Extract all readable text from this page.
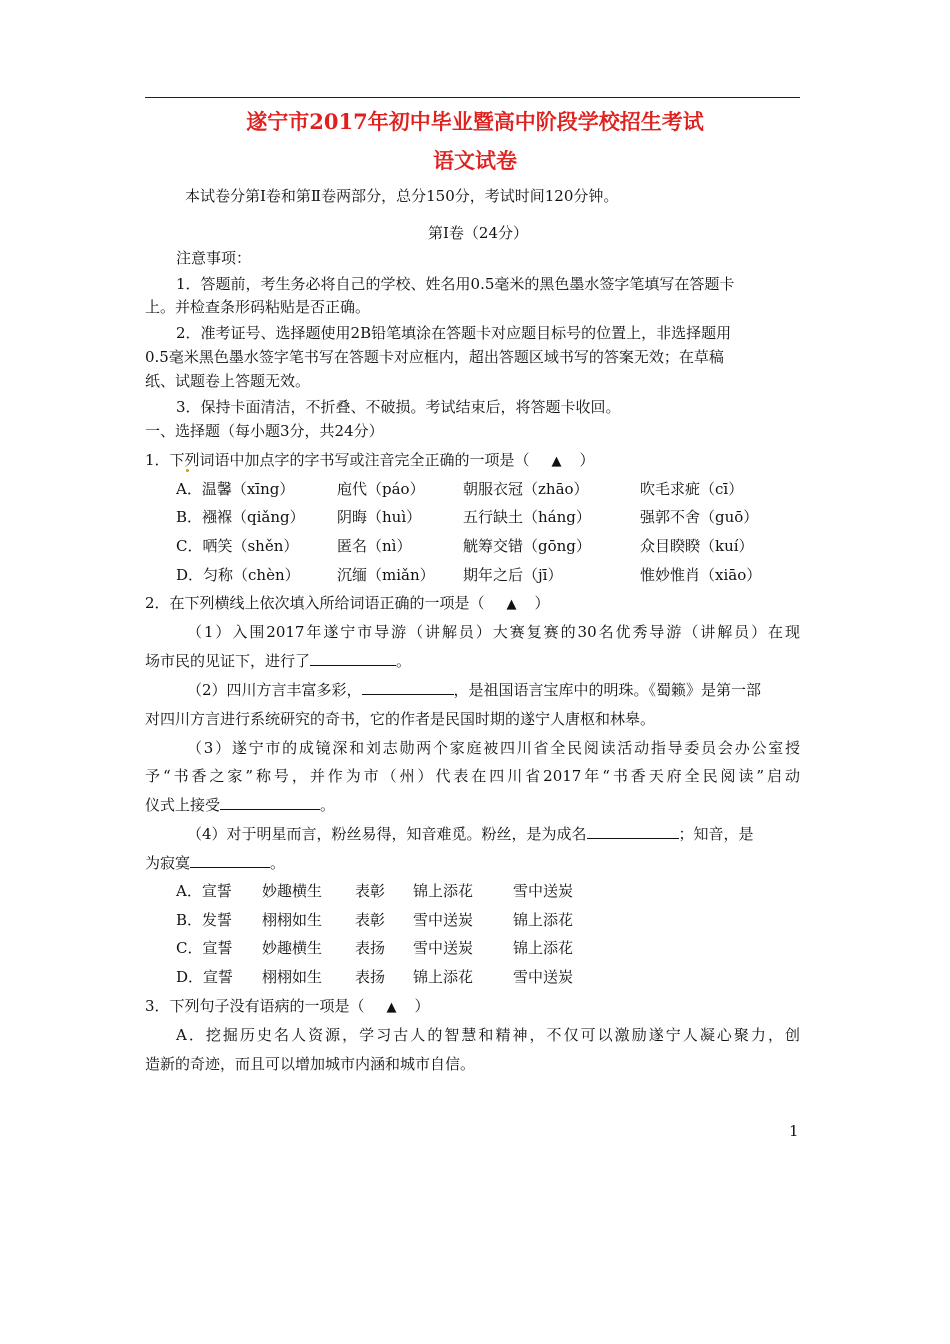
遂宁市2017年初中毕业暨高中阶段学校招生考试
语文试卷
本试卷分第Ⅰ卷和第Ⅱ卷两部分，总分150分，考试时间120分钟。
第Ⅰ卷（24分）
注意事项：
1．答题前，考生务必将自己的学校、姓名用0.5毫米的黑色墨水签字笔填写在答题卡
上。并检查条形码粘贴是否正确。
2．准考证号、选择题使用2B铅笔填涂在答题卡对应题目标号的位置上，非选择题用
0.5毫米黑色墨水签字笔书写在答题卡对应框内，超出答题区域书写的答案无效；在草稿
纸、试题卷上答题无效。
3．保持卡面清洁，不折叠、不破损。考试结束后，将答题卡收回。
一、选择题（每小题3分，共24分）
1．下列词语中加点字的字书写或注音完全正确的一项是（ ▲ ）
A．温馨（xīng）	庖代（páo）	朝服衣冠（zhāo）	吹毛求疵（cī）
B．襁褓（qiǎng） 阴晦（huì）	五行缺土（háng）	强郭不舍（guō）
C．哂笑（shěn）	匿名（nì）	觥筹交错（gōng）	众目睽睽（kuí）
D．匀称（chèn） 沉缅（miǎn） 期年之后（jī）	惟妙惟肖（xiāo）
2．在下列横线上依次填入所给词语正确的一项是（ ▲ ）
（1）入围2017年遂宁市导游（讲解员）大赛复赛的30名优秀导游（讲解员）在现
场市民的见证下，进行了	。
（2）四川方言丰富多彩，	，是祖国语言宝库中的明珠。《蜀籁》是第一部
对四川方言进行系统研究的奇书，它的作者是民国时期的遂宁人唐枢和林皋。
（3）遂宁市的成镜深和刘志勋两个家庭被四川省全民阅读活动指导委员会办公室授
予“书香之家”称号，并作为市（州）代表在四川省2017年“书香天府全民阅读”启动
仪式上接受	。
（4）对于明星而言，粉丝易得，知音难觅。粉丝，是为成名	；知音，是
为寂寞	。
A．宣誓 妙趣横生 表彰 锦上添花	雪中送炭
B．发誓 栩栩如生 表彰 雪中送炭	锦上添花
C．宣誓 妙趣横生 表扬 雪中送炭	锦上添花
D．宣誓 栩栩如生 表扬 锦上添花	雪中送炭
3．下列句子没有语病的一项是（ ▲ ）
A．挖掘历史名人资源，学习古人的智慧和精神，不仅可以激励遂宁人凝心聚力，创
造新的奇迹，而且可以增加城市内涵和城市自信。
1
